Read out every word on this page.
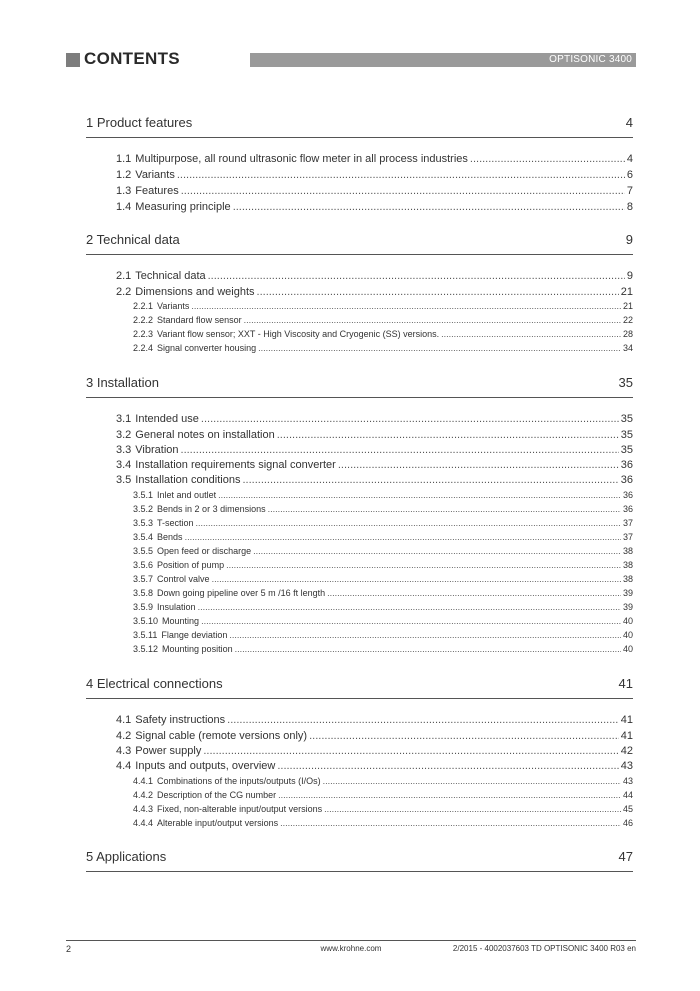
CONTENTS	OPTISONIC 3400
1 Product features	4
1.1 Multipurpose, all round ultrasonic flow meter in all process industries .....	4
1.2 Variants .....	6
1.3 Features .....	7
1.4 Measuring principle .....	8
2 Technical data	9
2.1 Technical data .....	9
2.2 Dimensions and weights .....	21
2.2.1 Variants .....	21
2.2.2 Standard flow sensor .....	22
2.2.3 Variant flow sensor; XXT - High Viscosity and Cryogenic (SS) versions. .....	28
2.2.4 Signal converter housing .....	34
3 Installation	35
3.1 Intended use .....	35
3.2 General notes on installation .....	35
3.3 Vibration .....	35
3.4 Installation requirements signal converter .....	36
3.5 Installation conditions .....	36
3.5.1 Inlet and outlet .....	36
3.5.2 Bends in 2 or 3 dimensions .....	36
3.5.3 T-section .....	37
3.5.4 Bends .....	37
3.5.5 Open feed or discharge .....	38
3.5.6 Position of pump .....	38
3.5.7 Control valve .....	38
3.5.8 Down going pipeline over 5 m /16 ft length .....	39
3.5.9 Insulation .....	39
3.5.10 Mounting .....	40
3.5.11 Flange deviation .....	40
3.5.12 Mounting position .....	40
4 Electrical connections	41
4.1 Safety instructions .....	41
4.2 Signal cable (remote versions only) .....	41
4.3 Power supply .....	42
4.4 Inputs and outputs, overview .....	43
4.4.1 Combinations of the inputs/outputs (I/Os) .....	43
4.4.2 Description of the CG number .....	44
4.4.3 Fixed, non-alterable input/output versions .....	45
4.4.4 Alterable input/output versions .....	46
5 Applications	47
2	www.krohne.com	2/2015 - 4002037603 TD OPTISONIC 3400 R03 en
